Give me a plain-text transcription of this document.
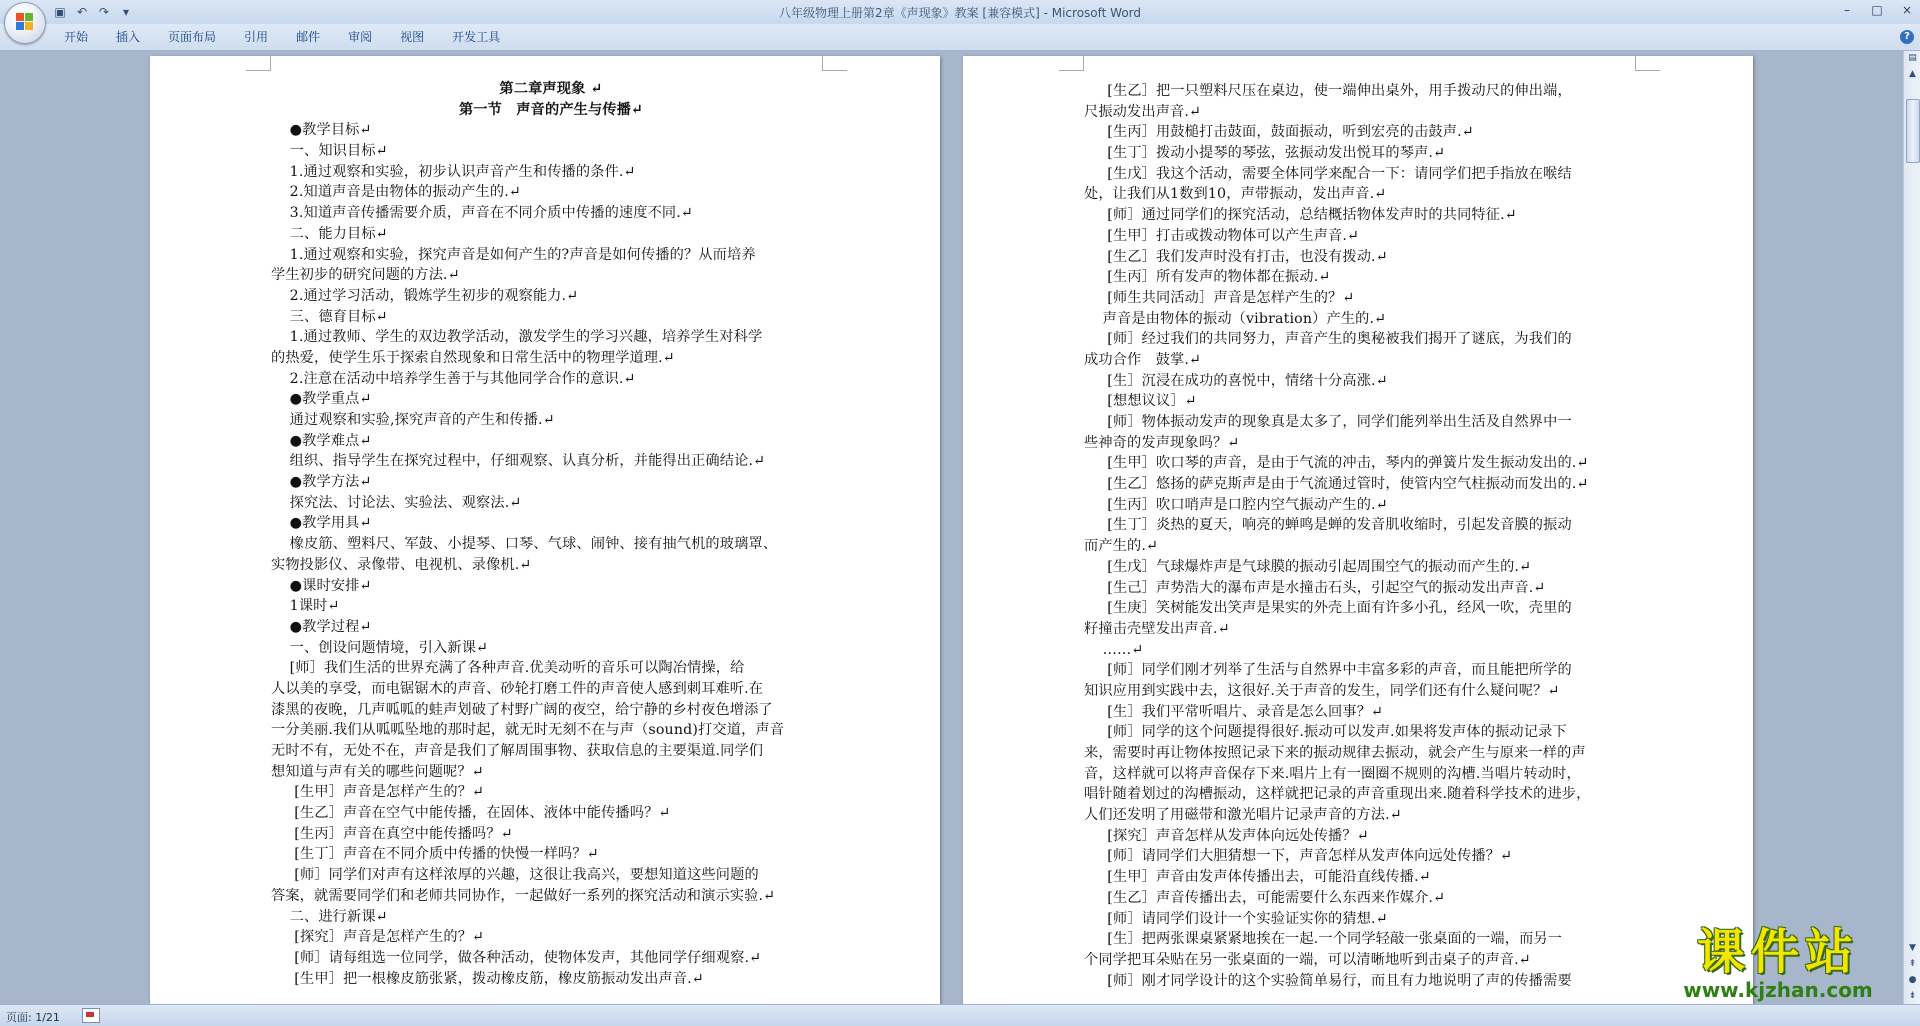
▣ ↶ ↷	▾	八年级物理上册第2章《声现象》教案 [兼容模式] - Microsoft Word	–	□ ×
开始	插入	页面布局	引用	邮件	审阅	视图	开发工具	?
第二章声现象 ↵
第一节　声音的产生与传播↵
●教学目标↵
一、知识目标↵
1.通过观察和实验，初步认识声音产生和传播的条件.↵
2.知道声音是由物体的振动产生的.↵
3.知道声音传播需要介质，声音在不同介质中传播的速度不同.↵
二、能力目标↵
1.通过观察和实验，探究声音是如何产生的?声音是如何传播的？从而培养
学生初步的研究问题的方法.↵
2.通过学习活动，锻炼学生初步的观察能力.↵
三、德育目标↵
1.通过教师、学生的双边教学活动，激发学生的学习兴趣，培养学生对科学
的热爱，使学生乐于探索自然现象和日常生活中的物理学道理.↵
2.注意在活动中培养学生善于与其他同学合作的意识.↵
●教学重点↵
通过观察和实验,探究声音的产生和传播.↵
●教学难点↵
组织、指导学生在探究过程中，仔细观察、认真分析，并能得出正确结论.↵
●教学方法↵
探究法、讨论法、实验法、观察法.↵
●教学用具↵
橡皮筋、塑料尺、军鼓、小提琴、口琴、气球、闹钟、接有抽气机的玻璃罩、
实物投影仪、录像带、电视机、录像机.↵
●课时安排↵
1课时↵
●教学过程↵
一、创设问题情境，引入新课↵
[师］我们生活的世界充满了各种声音.优美动听的音乐可以陶冶情操，给
人以美的享受，而电锯锯木的声音、砂轮打磨工件的声音使人感到刺耳难听.在
漆黑的夜晚，几声呱呱的蛙声划破了村野广阔的夜空，给宁静的乡村夜色增添了
一分美丽.我们从呱呱坠地的那时起，就无时无刻不在与声（sound)打交道，声音
无时不有，无处不在，声音是我们了解周围事物、获取信息的主要渠道.同学们
想知道与声有关的哪些问题呢？↵
[生甲］声音是怎样产生的？↵
[生乙］声音在空气中能传播，在固体、液体中能传播吗？↵
[生丙］声音在真空中能传播吗？↵
[生丁］声音在不同介质中传播的快慢一样吗？↵
[师］同学们对声有这样浓厚的兴趣，这很让我高兴，要想知道这些问题的
答案，就需要同学们和老师共同协作，一起做好一系列的探究活动和演示实验.↵
二、进行新课↵
[探究］声音是怎样产生的？↵
[师］请每组选一位同学，做各种活动，使物体发声，其他同学仔细观察.↵
[生甲］把一根橡皮筋张紧，拨动橡皮筋，橡皮筋振动发出声音.↵
[生乙］把一只塑料尺压在桌边，使一端伸出桌外，用手拨动尺的伸出端，
尺振动发出声音.↵
[生丙］用鼓槌打击鼓面，鼓面振动，听到宏亮的击鼓声.↵
[生丁］拨动小提琴的琴弦，弦振动发出悦耳的琴声.↵
[生戊］我这个活动，需要全体同学来配合一下：请同学们把手指放在喉结
处，让我们从1数到10，声带振动，发出声音.↵
[师］通过同学们的探究活动，总结概括物体发声时的共同特征.↵
[生甲］打击或拨动物体可以产生声音.↵
[生乙］我们发声时没有打击，也没有拨动.↵
[生丙］所有发声的物体都在振动.↵
[师生共同活动］声音是怎样产生的？↵
声音是由物体的振动（vibration）产生的.↵
[师］经过我们的共同努力，声音产生的奥秘被我们揭开了谜底，为我们的
成功合作　鼓掌.↵
[生］沉浸在成功的喜悦中，情绪十分高涨.↵
[想想议议］↵
[师］物体振动发声的现象真是太多了，同学们能列举出生活及自然界中一
些神奇的发声现象吗？↵
[生甲］吹口琴的声音，是由于气流的冲击，琴内的弹簧片发生振动发出的.↵
[生乙］悠扬的萨克斯声是由于气流通过管时，使管内空气柱振动而发出的.↵
[生丙］吹口哨声是口腔内空气振动产生的.↵
[生丁］炎热的夏天，响亮的蝉鸣是蝉的发音肌收缩时，引起发音膜的振动
而产生的.↵
[生戊］气球爆炸声是气球膜的振动引起周围空气的振动而产生的.↵
[生己］声势浩大的瀑布声是水撞击石头，引起空气的振动发出声音.↵
[生庚］笑树能发出笑声是果实的外壳上面有许多小孔，经风一吹，壳里的
籽撞击壳壁发出声音.↵
……↵
[师］同学们刚才列举了生活与自然界中丰富多彩的声音，而且能把所学的
知识应用到实践中去，这很好.关于声音的发生，同学们还有什么疑问呢？↵
[生］我们平常听唱片、录音是怎么回事？↵
[师］同学的这个问题提得很好.振动可以发声.如果将发声体的振动记录下
来，需要时再让物体按照记录下来的振动规律去振动，就会产生与原来一样的声
音，这样就可以将声音保存下来.唱片上有一圈圈不规则的沟槽.当唱片转动时，
唱针随着划过的沟槽振动，这样就把记录的声音重现出来.随着科学技术的进步，
人们还发明了用磁带和激光唱片记录声音的方法.↵
[探究］声音怎样从发声体向远处传播？↵
[师］请同学们大胆猜想一下，声音怎样从发声体向远处传播？↵
[生甲］声音由发声体传播出去，可能沿直线传播.↵
[生乙］声音传播出去，可能需要什么东西来作媒介.↵
[师］请同学们设计一个实验证实你的猜想.↵
[生］把两张课桌紧紧地挨在一起.一个同学轻敲一张桌面的一端，而另一
个同学把耳朵贴在另一张桌面的一端，可以清晰地听到击桌子的声音.↵
[师］刚才同学设计的这个实验简单易行，而且有力地说明了声的传播需要
▤
▲
▼
⇞
●
⇟
页面: 1/21
课件站
www.kjzhan.com
